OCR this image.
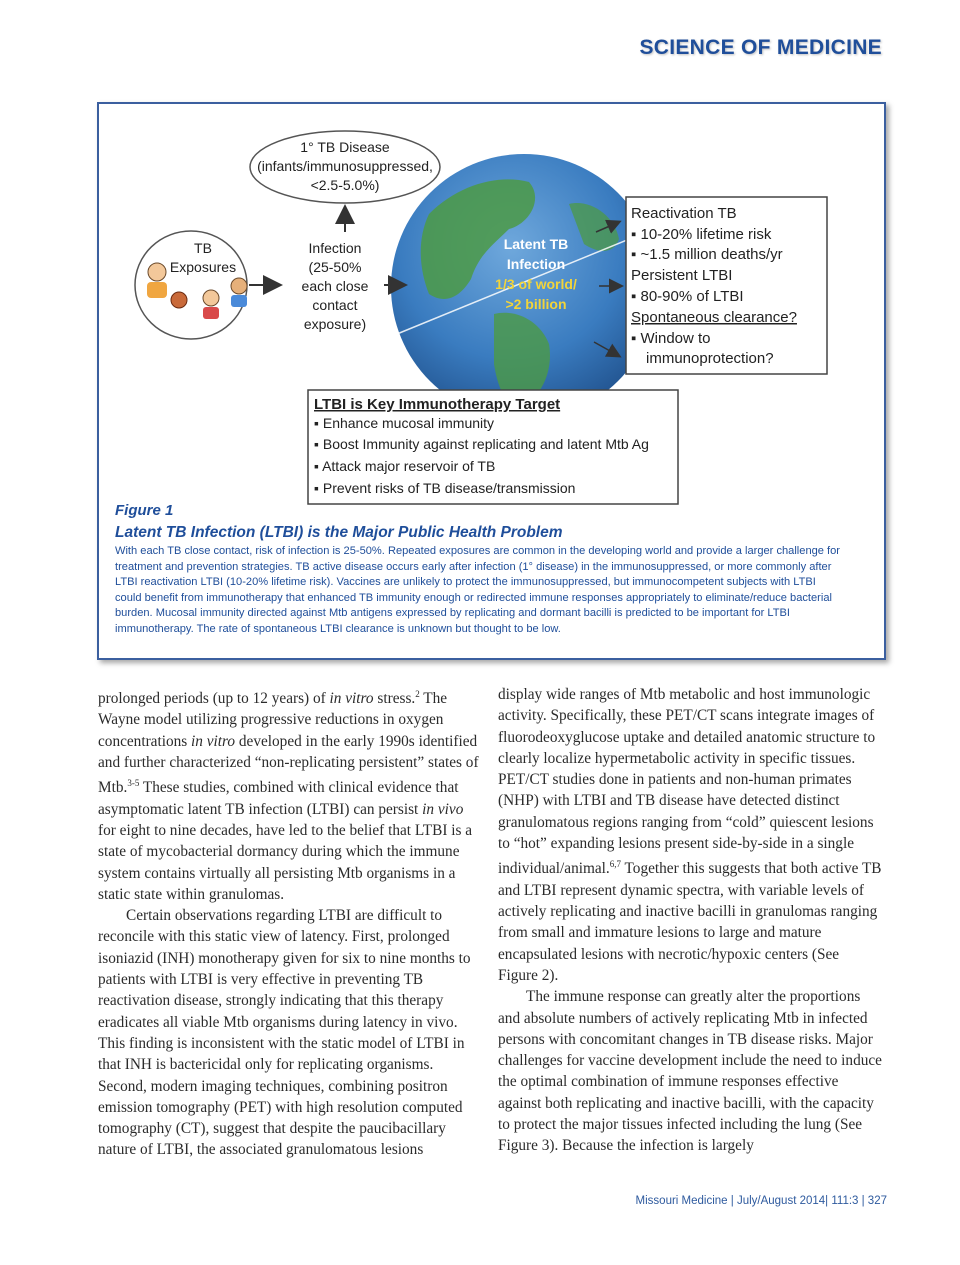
SCIENCE OF MEDICINE
Latent TB
Infection
1/3 of world/
>2 billion
1° TB Disease
(infants/immunosuppressed,
<2.5-5.0%)
TB
Exposures
Infection
(25-50%
each close
contact
exposure)
Reactivation TB
▪ 10-20% lifetime risk
▪ ~1.5 million deaths/yr
Persistent LTBI
▪ 80-90% of LTBI
Spontaneous clearance?
▪ Window to
immunoprotection?
LTBI is Key Immunotherapy Target
▪ Enhance mucosal immunity
▪ Boost Immunity against replicating and latent Mtb Ag
▪ Attack major reservoir of TB
▪ Prevent risks of TB disease/transmission
Figure 1
Latent TB Infection (LTBI) is the Major Public Health Problem
With each TB close contact, risk of infection is 25-50%. Repeated exposures are common in the developing world and provide a larger challenge for treatment and prevention strategies. TB active disease occurs early after infection (1° disease) in the immunosuppressed, or more commonly after LTBI reactivation LTBI (10-20% lifetime risk). Vaccines are unlikely to protect the immunosuppressed, but immunocompetent subjects with LTBI could benefit from immunotherapy that enhanced TB immunity enough or redirected immune responses appropriately to eliminate/reduce bacterial burden. Mucosal immunity directed against Mtb antigens expressed by replicating and dormant bacilli is predicted to be important for LTBI immunotherapy. The rate of spontaneous LTBI clearance is unknown but thought to be low.

prolonged periods (up to 12 years) of in vitro stress.$^2$ The Wayne model utilizing progressive reductions in oxygen concentrations in vitro developed in the early 1990s identified and further characterized “non-replicating persistent” states of Mtb.$^{3-5}$ These studies, combined with clinical evidence that asymptomatic latent TB infection (LTBI) can persist in vivo for eight to nine decades, have led to the belief that LTBI is a state of mycobacterial dormancy during which the immune system contains virtually all persisting Mtb organisms in a static state within granulomas.

Certain observations regarding LTBI are difficult to reconcile with this static view of latency. First, prolonged isoniazid (INH) monotherapy given for six to nine months to patients with LTBI is very effective in preventing TB reactivation disease, strongly indicating that this therapy eradicates all viable Mtb organisms during latency in vivo. This finding is inconsistent with the static model of LTBI in that INH is bactericidal only for replicating organisms. Second, modern imaging techniques, combining positron emission tomography (PET) with high resolution computed tomography (CT), suggest that despite the paucibacillary nature of LTBI, the associated granulomatous lesions

display wide ranges of Mtb metabolic and host immunologic activity. Specifically, these PET/CT scans integrate images of fluorodeoxyglucose uptake and detailed anatomic structure to clearly localize hypermetabolic activity in specific tissues. PET/CT studies done in patients and non-human primates (NHP) with LTBI and TB disease have detected distinct granulomatous regions ranging from “cold” quiescent lesions to “hot” expanding lesions present side-by-side in a single individual/animal.$^{6,7}$ Together this suggests that both active TB and LTBI represent dynamic spectra, with variable levels of actively replicating and inactive bacilli in granulomas ranging from small and immature lesions to large and mature encapsulated lesions with necrotic/hypoxic centers (See Figure 2).

The immune response can greatly alter the proportions and absolute numbers of actively replicating Mtb in infected persons with concomitant changes in TB disease risks. Major challenges for vaccine development include the need to induce the optimal combination of immune responses effective against both replicating and inactive bacilli, with the capacity to protect the major tissues infected including the lung (See Figure 3). Because the infection is largely

Missouri Medicine | July/August 2014| 111:3 | 327
